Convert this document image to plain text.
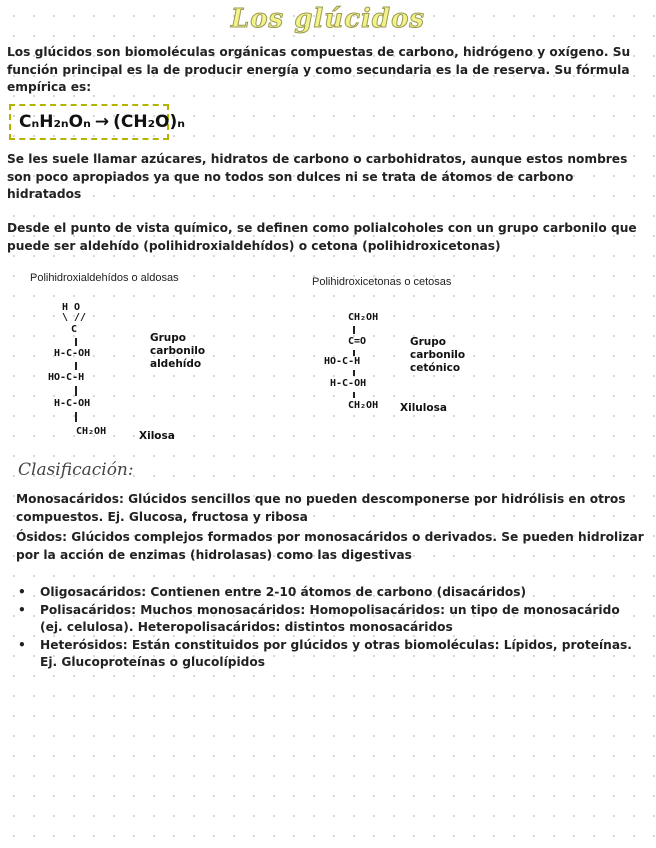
Los glúcidos
Los glúcidos son biomoléculas orgánicas compuestas de carbono, hidrógeno y oxígeno. Su función principal es la de producir energía y como secundaria es la de reserva. Su fórmula empírica es:
CₙH₂ₙOₙ → (CH₂O)ₙ
Se les suele llamar azúcares, hidratos de carbono o carbohidratos, aunque estos nombres son poco apropiados ya que no todos son dulces ni se trata de átomos de carbono hidratados
Desde el punto de vista químico, se definen como polialcoholes con un grupo carbonilo que puede ser aldehído (polihidroxialdehídos) o cetona (polihidroxicetonas)
Polihidroxialdehídos o aldosas	Polihidroxicetonas o cetosas
H O
\ //
C
H-C-OH
HO-C-H
H-C-OH
CH₂OH
Grupo
carbonilo
aldehído
Xilosa
CH₂OH
C=O
HO-C-H
H-C-OH
CH₂OH
Grupo
carbonilo
cetónico
Xilulosa
Clasificación:
Monosacáridos: Glúcidos sencillos que no pueden descomponerse por hidrólisis en otros compuestos. Ej. Glucosa, fructosa y ribosa
Ósidos: Glúcidos complejos formados por monosacáridos o derivados. Se pueden hidrolizar por la acción de enzimas (hidrolasas) como las digestivas
• Oligosacáridos: Contienen entre 2-10 átomos de carbono (disacáridos)
• Polisacáridos: Muchos monosacáridos: Homopolisacáridos: un tipo de monosacárido (ej. celulosa). Heteropolisacáridos: distintos monosacáridos
• Heterósidos: Están constituidos por glúcidos y otras biomoléculas: Lípidos, proteínas. Ej. Glucoproteínas o glucolípidos
